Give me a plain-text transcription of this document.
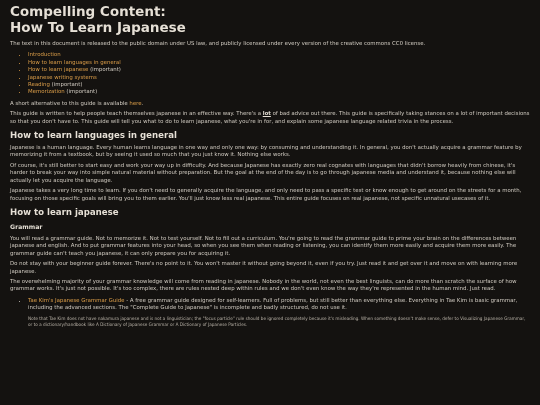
Compelling Content:
How To Learn Japanese

The text in this document is released to the public domain under US law, and publicly licensed under every version of the creative commons CC0 license.

• Introduction
• How to learn languages in general
• How to learn japanese (important)
• Japanese writing systems
• Reading (important)
• Memorization (important)

A short alternative to this guide is available here.

This guide is written to help people teach themselves japanese in an effective way. There's a lot of bad advice out there. This guide is specifically taking stances on a lot of important decisions so that you don't have to. This guide will tell you what to do to learn japanese, what you're in for, and explain some japanese language related trivia in the process.

How to learn languages in general

Japanese is a human language. Every human learns language in one way and only one way: by consuming and understanding it. In general, you don't actually acquire a grammar feature by memorizing it from a textbook, but by seeing it used so much that you just know it. Nothing else works.

Of course, it's still better to start easy and work your way up in difficulty. And because Japanese has exactly zero real cognates with languages that didn't borrow heavily from chinese, it's harder to break your way into simple natural material without preparation. But the goal at the end of the day is to go through japanese media and understand it, because nothing else will actually let you acquire the language.

Japanese takes a very long time to learn. If you don't need to generally acquire the language, and only need to pass a specific test or know enough to get around on the streets for a month, focusing on those specific goals will bring you to them earlier. You'll just know less real japanese. This entire guide focuses on real japanese, not specific unnatural usecases of it.

How to learn japanese
Grammar

You will read a grammar guide. Not to memorize it. Not to test yourself. Not to fill out a curriculum. You're going to read the grammar guide to prime your brain on the differences between japanese and english. And to put grammar features into your head, so when you see them when reading or listening, you can identify them more easily and acquire them more easily. The grammar guide can't teach you japanese, it can only prepare you for acquiring it.

Do not stay with your beginner guide forever. There's no point to it. You won't master it without going beyond it, even if you try. Just read it and get over it and move on with learning more japanese.

The overwhelming majority of your grammar knowledge will come from reading in japanese. Nobody in the world, not even the best linguists, can do more than scratch the surface of how grammar works. It's just not possible. It's too complex, there are rules nested deep within rules and we don't even know the way they're represented in the human mind. Just read.

• Tae Kim's Japanese Grammar Guide - A free grammar guide designed for self-learners. Full of problems, but still better than everything else. Everything in Tae Kim is basic grammar, including the advanced sections. The "Complete Guide to Japanese" is incomplete and badly structured, do not use it.

Note that Tae Kim does not have nakamura japanese and is not a linguistician; the "focus particle" rule should be ignored completely because it's misleading. When something doesn't make sense, defer to Visualizing Japanese Grammar, or to a dictionary/handbook like A Dictionary of Japanese Grammar or A Dictionary of Japanese Particles.
